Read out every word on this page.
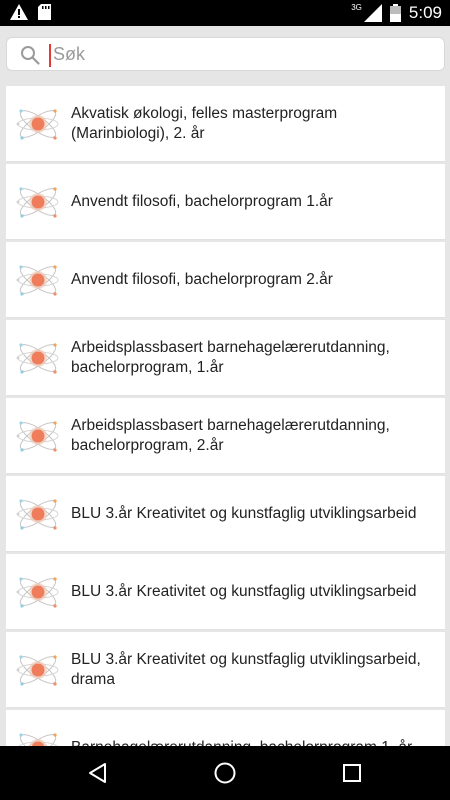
3G	5:09
Søk
Akvatisk økologi, felles masterprogram (Marinbiologi), 2. år
Anvendt filosofi, bachelorprogram 1.år
Anvendt filosofi, bachelorprogram 2.år
Arbeidsplassbasert barnehagelærerutdanning, bachelorprogram, 1.år
Arbeidsplassbasert barnehagelærerutdanning, bachelorprogram, 2.år
BLU 3.år Kreativitet og kunstfaglig utviklingsarbeid
BLU 3.år Kreativitet og kunstfaglig utviklingsarbeid
BLU 3.år Kreativitet og kunstfaglig utviklingsarbeid, drama
